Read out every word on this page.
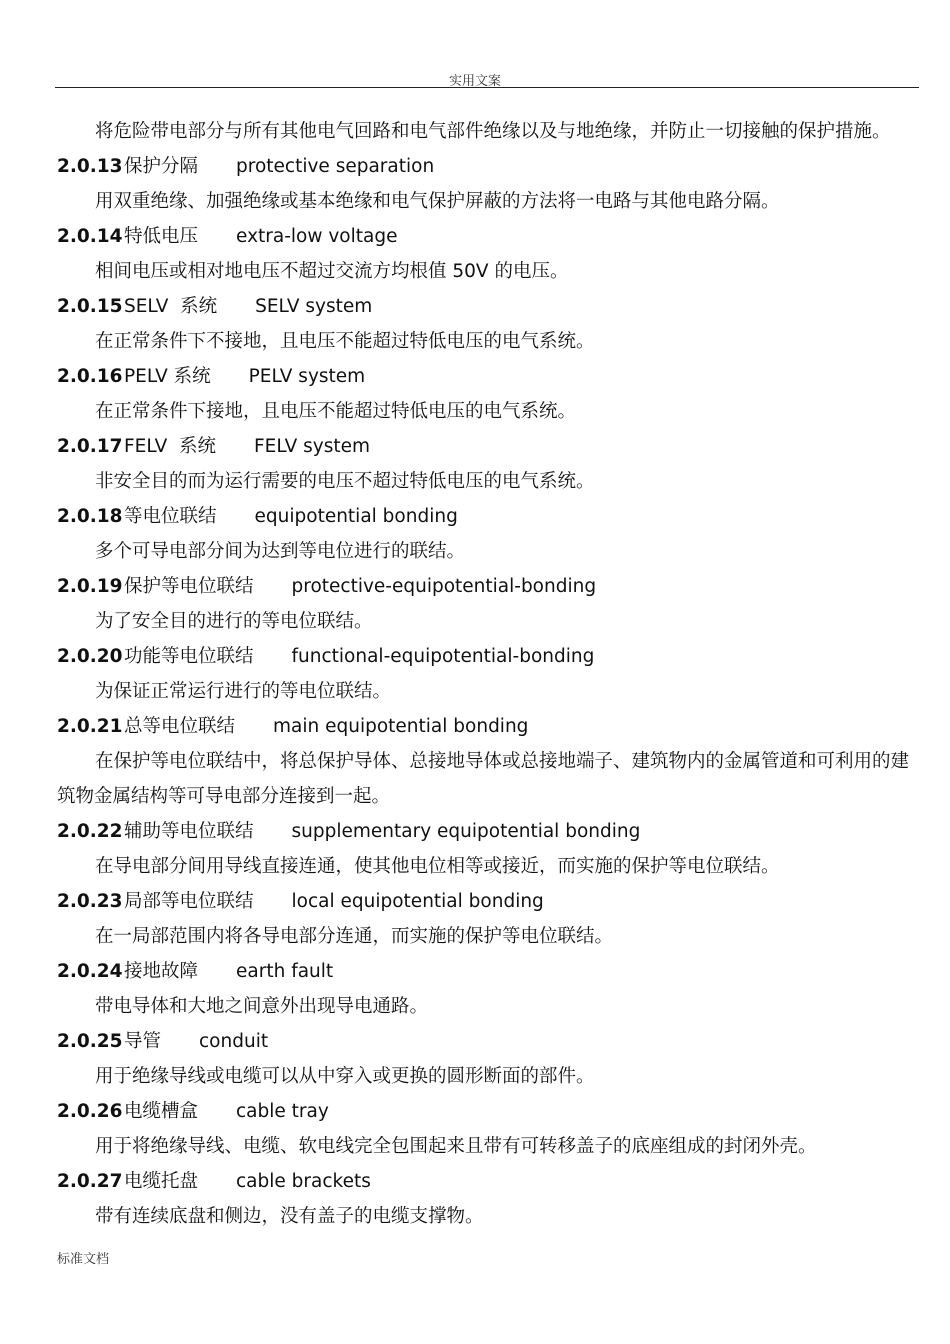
实用文案
将危险带电部分与所有其他电气回路和电气部件绝缘以及与地绝缘，并防止一切接触的保护措施。
2.0.13保护分隔 protective separation
用双重绝缘、加强绝缘或基本绝缘和电气保护屏蔽的方法将一电路与其他电路分隔。
2.0.14特低电压 extra-low voltage
相间电压或相对地电压不超过交流方均根值 50V 的电压。
2.0.15SELV  系统 SELV system
在正常条件下不接地，且电压不能超过特低电压的电气系统。
2.0.16PELV 系统 PELV system
在正常条件下接地，且电压不能超过特低电压的电气系统。
2.0.17FELV  系统 FELV system
非安全目的而为运行需要的电压不超过特低电压的电气系统。
2.0.18等电位联结 equipotential bonding
多个可导电部分间为达到等电位进行的联结。
2.0.19保护等电位联结 protective-equipotential-bonding
为了安全目的进行的等电位联结。
2.0.20功能等电位联结 functional-equipotential-bonding
为保证正常运行进行的等电位联结。
2.0.21总等电位联结 main equipotential bonding
在保护等电位联结中，将总保护导体、总接地导体或总接地端子、建筑物内的金属管道和可利用的建筑物金属结构等可导电部分连接到一起。
2.0.22辅助等电位联结 supplementary equipotential bonding
在导电部分间用导线直接连通，使其他电位相等或接近，而实施的保护等电位联结。
2.0.23局部等电位联结 local equipotential bonding
在一局部范围内将各导电部分连通，而实施的保护等电位联结。
2.0.24接地故障 earth fault
带电导体和大地之间意外出现导电通路。
2.0.25导管 conduit
用于绝缘导线或电缆可以从中穿入或更换的圆形断面的部件。
2.0.26电缆槽盒 cable tray
用于将绝缘导线、电缆、软电线完全包围起来且带有可转移盖子的底座组成的封闭外壳。
2.0.27电缆托盘 cable brackets
带有连续底盘和侧边，没有盖子的电缆支撑物。
标准文档
